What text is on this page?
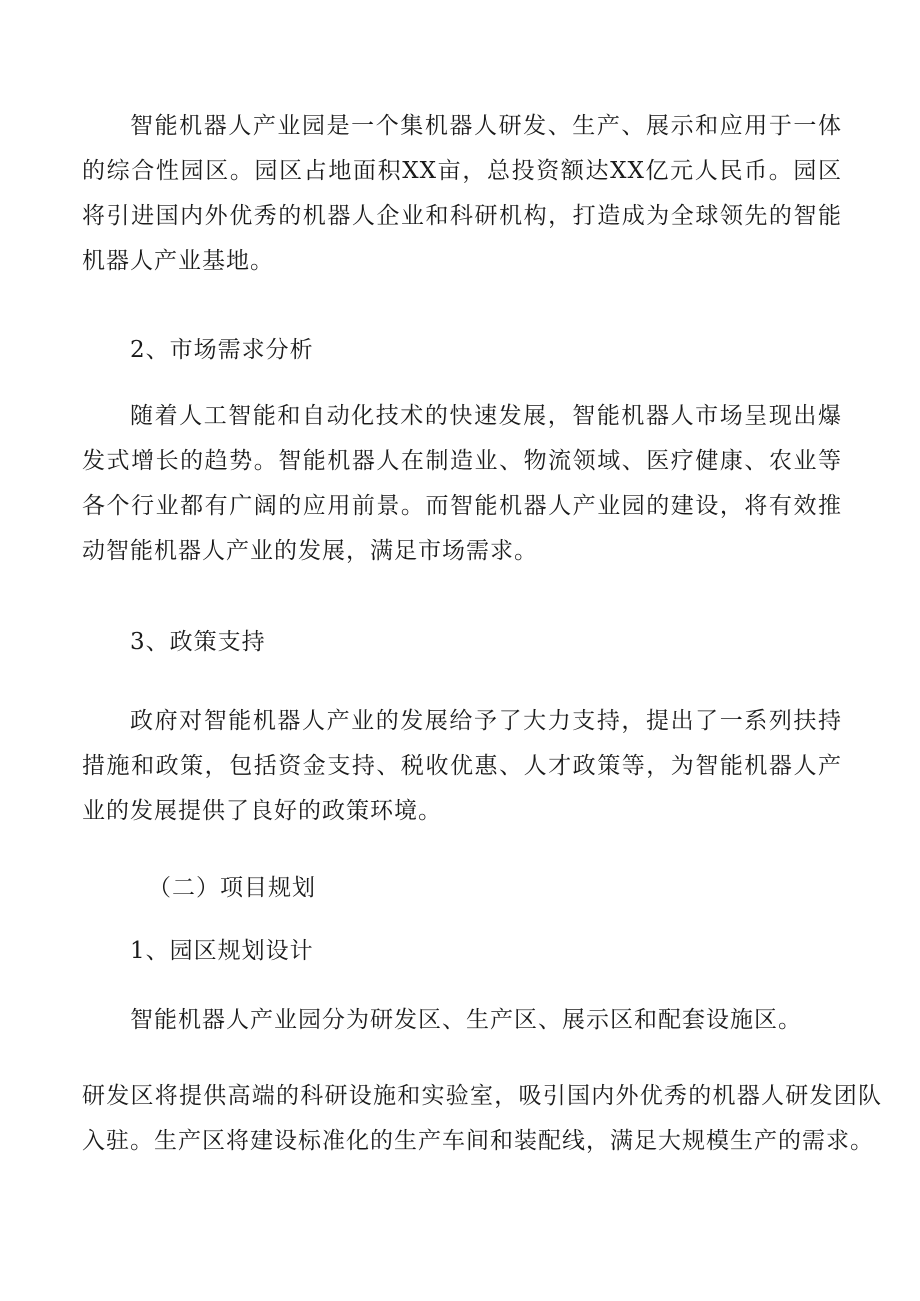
智能机器人产业园是一个集机器人研发、生产、展示和应用于一体的综合性园区。园区占地面积XX亩，总投资额达XX亿元人民币。园区将引进国内外优秀的机器人企业和科研机构，打造成为全球领先的智能机器人产业基地。

2、市场需求分析

随着人工智能和自动化技术的快速发展，智能机器人市场呈现出爆发式增长的趋势。智能机器人在制造业、物流领域、医疗健康、农业等各个行业都有广阔的应用前景。而智能机器人产业园的建设，将有效推动智能机器人产业的发展，满足市场需求。

3、政策支持

政府对智能机器人产业的发展给予了大力支持，提出了一系列扶持措施和政策，包括资金支持、税收优惠、人才政策等，为智能机器人产业的发展提供了良好的政策环境。

（二）项目规划

1、园区规划设计

智能机器人产业园分为研发区、生产区、展示区和配套设施区。

研发区将提供高端的科研设施和实验室，吸引国内外优秀的机器人研发团队入驻。生产区将建设标准化的生产车间和装配线，满足大规模生产的需求。
